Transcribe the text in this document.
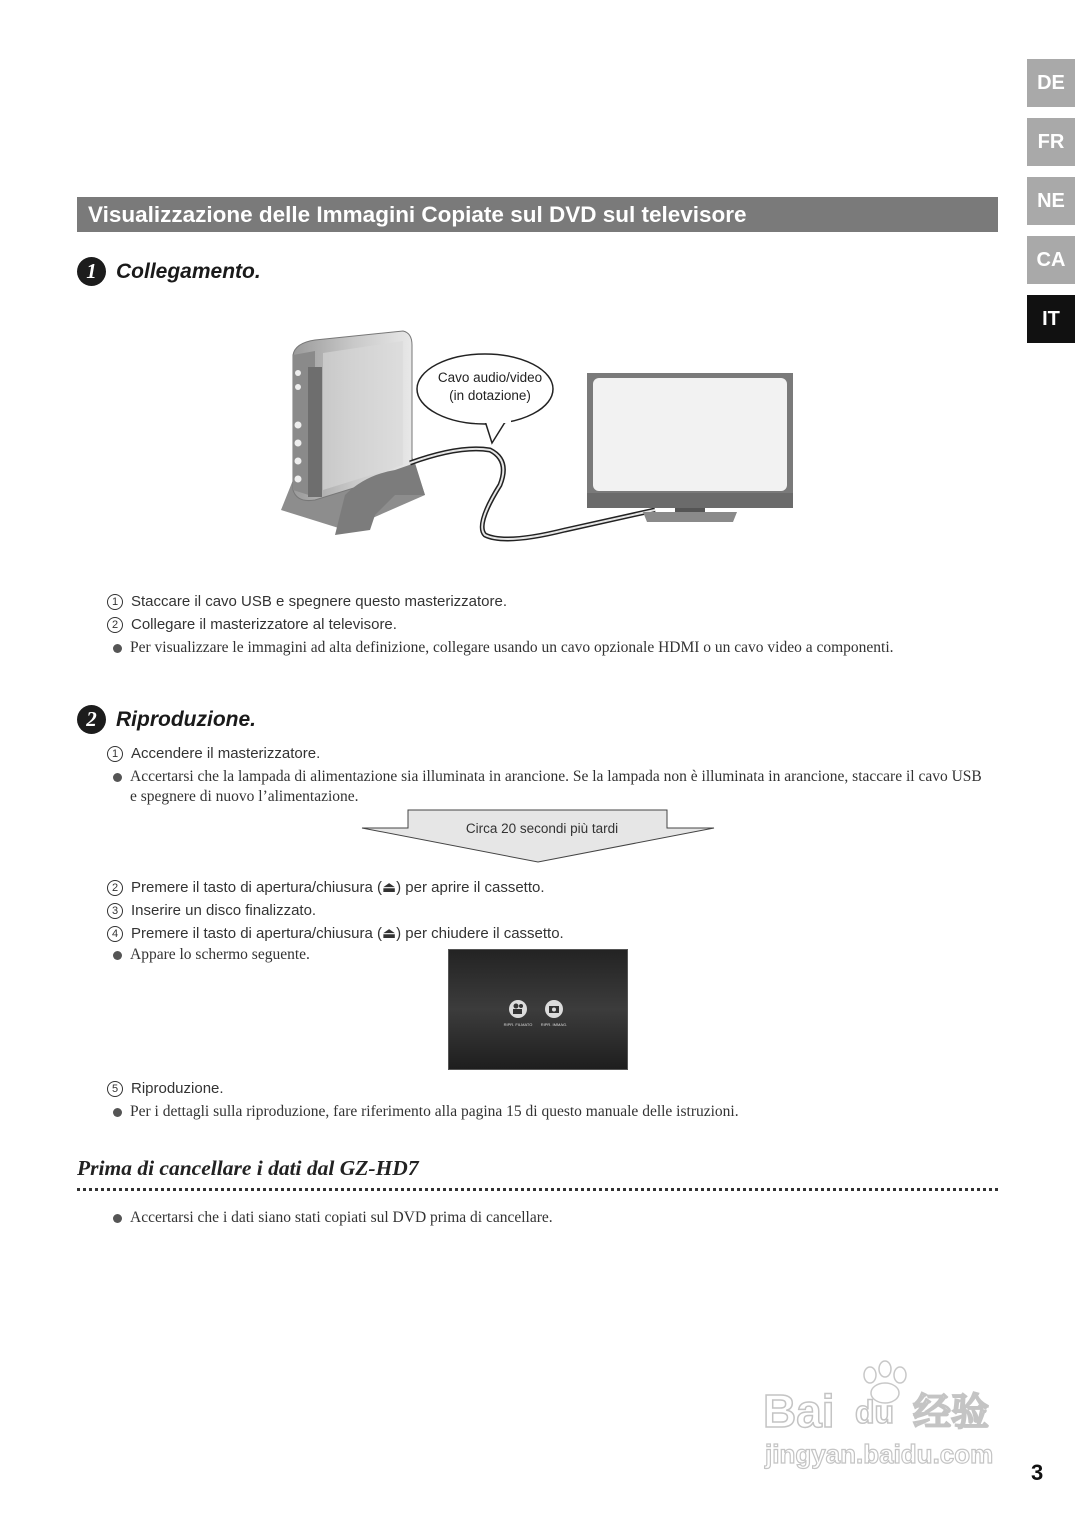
DE
FR
NE
CA
IT
Visualizzazione delle Immagini Copiate sul DVD sul televisore
1 Collegamento.
Cavo audio/video
(in dotazione)
1 Staccare il cavo USB e spegnere questo masterizzatore.
2 Collegare il masterizzatore al televisore.
Per visualizzare le immagini ad alta definizione, collegare usando un cavo opzionale HDMI o un cavo video a componenti.
2 Riproduzione.
1 Accendere il masterizzatore.
Accertarsi che la lampada di alimentazione sia illuminata in arancione. Se la lampada non è illuminata in arancione, staccare il cavo USB e spegnere di nuovo l’alimentazione.
Circa 20 secondi più tardi
2 Premere il tasto di apertura/chiusura (⏏) per aprire il cassetto.
3 Inserire un disco finalizzato.
4 Premere il tasto di apertura/chiusura (⏏) per chiudere il cassetto.
Appare lo schermo seguente.
RIPR. FILMATO	RIPR. IMMAG.
5 Riproduzione.
Per i dettagli sulla riproduzione, fare riferimento alla pagina 15 di questo manuale delle istruzioni.
Prima di cancellare i dati dal GZ-HD7
Accertarsi che i dati siano stati copiati sul DVD prima di cancellare.
Bai du 经验
jingyan.baidu.com
3
